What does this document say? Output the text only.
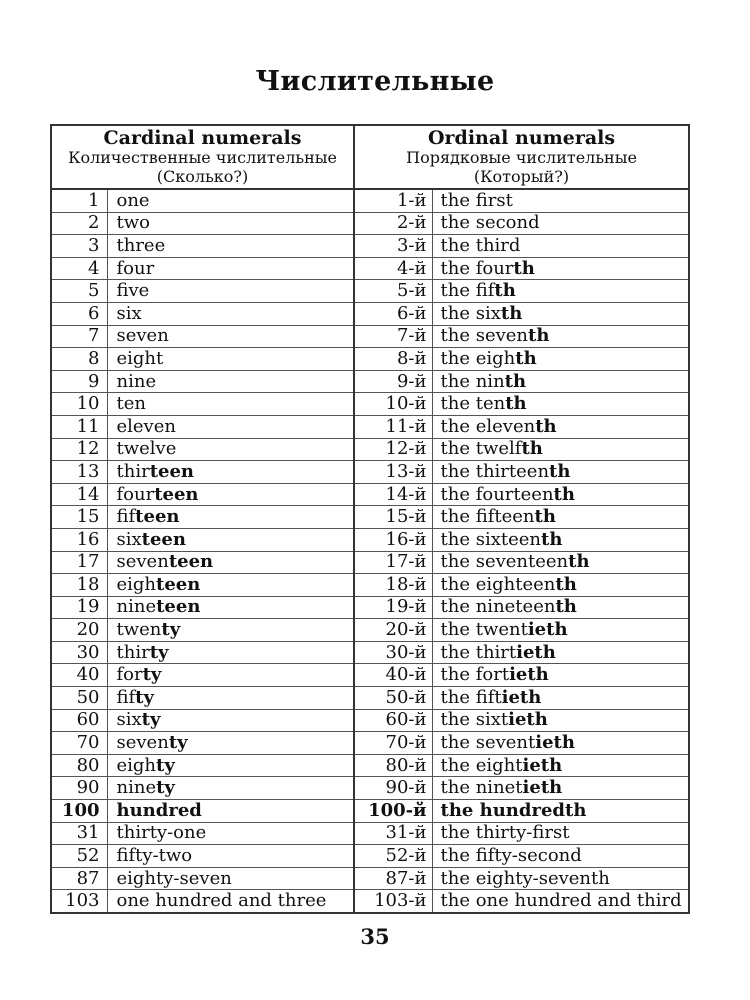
Числительные
Cardinal numerals
Количественные числительные
(Сколько?)		Ordinal numerals
Порядковые числительные
(Который?)	

1	one	1-й	the first
2	two	2-й	the second
3	three	3-й	the third
4	four	4-й	the fourth
5	five	5-й	the fifth
6	six	6-й	the sixth
7	seven	7-й	the seventh
8	eight	8-й	the eighth
9	nine	9-й	the ninth
10	ten	10-й	the tenth
11	eleven	11-й	the eleventh
12	twelve	12-й	the twelfth
13	thirteen	13-й	the thirteenth
14	fourteen	14-й	the fourteenth
15	fifteen	15-й	the fifteenth
16	sixteen	16-й	the sixteenth
17	seventeen	17-й	the seventeenth
18	eighteen	18-й	the eighteenth
19	nineteen	19-й	the nineteenth
20	twenty	20-й	the twentieth
30	thirty	30-й	the thirtieth
40	forty	40-й	the fortieth
50	fifty	50-й	the fiftieth
60	sixty	60-й	the sixtieth
70	seventy	70-й	the seventieth
80	eighty	80-й	the eightieth
90	ninety	90-й	the ninetieth
100	hundred	100-й	the hundredth
31	thirty-one	31-й	the thirty-first
52	fifty-two	52-й	the fifty-second
87	eighty-seven	87-й	the eighty-seventh
103	one hundred and three	103-й	the one hundred and third
35
